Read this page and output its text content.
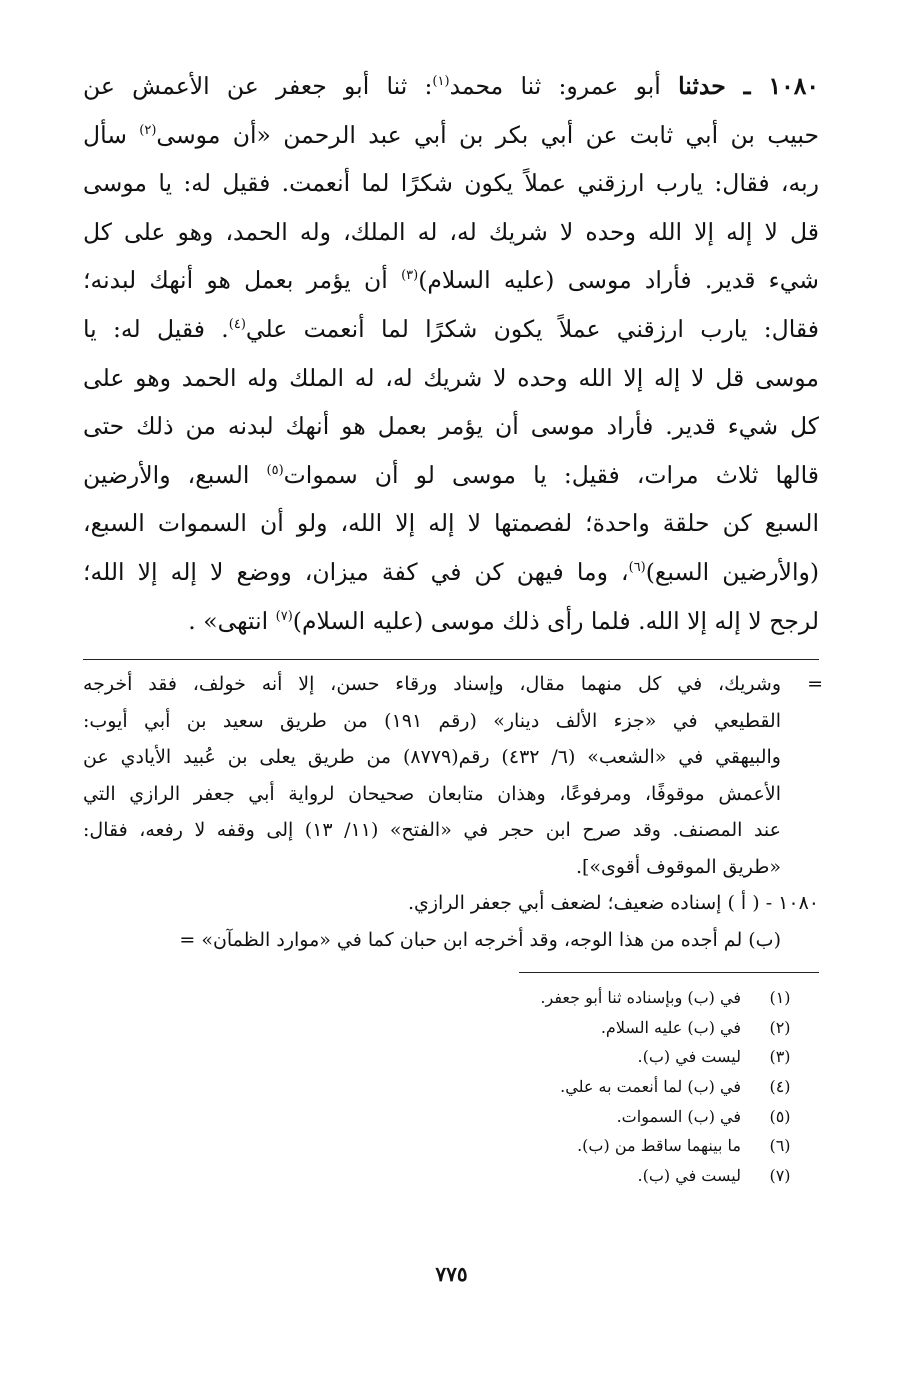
١٠٨٠ ـ حدثنا أبو عمرو: ثنا محمد$^{(١)}$: ثنا أبو جعفر عن الأعمش عن
حبيب بن أبي ثابت عن أبي بكر بن أبي عبد الرحمن «أن موسى$^{(٢)}$ سأل
ربه، فقال: يارب ارزقني عملاً يكون شكرًا لما أنعمت. فقيل له: يا موسى
قل لا إله إلا الله وحده لا شريك له، له الملك، وله الحمد، وهو على كل
شيء قدير. فأراد موسى (عليه السلام)$^{(٣)}$ أن يؤمر بعمل هو أنهك لبدنه؛
فقال: يارب ارزقني عملاً يكون شكرًا لما أنعمت علي$^{(٤)}$. فقيل له: يا
موسى قل لا إله إلا الله وحده لا شريك له، له الملك وله الحمد وهو على
كل شيء قدير. فأراد موسى أن يؤمر بعمل هو أنهك لبدنه من ذلك حتى
قالها ثلاث مرات، فقيل: يا موسى لو أن سموات$^{(٥)}$ السبع، والأرضين
السبع كن حلقة واحدة؛ لفصمتها لا إله إلا الله، ولو أن السموات السبع،
(والأرضين السبع)$^{(٦)}$، وما فيهن كن في كفة ميزان، ووضع لا إله إلا الله؛
لرجح لا إله إلا الله. فلما رأى ذلك موسى (عليه السلام)$^{(٧)}$ انتهى» .
=
وشريك، في كل منهما مقال، وإسناد ورقاء حسن، إلا أنه خولف، فقد أخرجه
القطيعي في «جزء الألف دينار» (رقم ١٩١) من طريق سعيد بن أبي أيوب:
والبيهقي في «الشعب» (٦/ ٤٣٢) رقم(٨٧٧٩) من طريق يعلى بن عُبيد الأيادي عن
الأعمش موقوفًا، ومرفوعًا، وهذان متابعان صحيحان لرواية أبي جعفر الرازي التي
عند المصنف. وقد صرح ابن حجر في «الفتح» (١١/ ١٣) إلى وقفه لا رفعه، فقال:
«طريق الموقوف أقوى»].
١٠٨٠ - ( أ ) إسناده ضعيف؛ لضعف أبي جعفر الرازي.
(ب) لم أجده من هذا الوجه، وقد أخرجه ابن حبان كما في «موارد الظمآن» =
(١)
في (ب) وبإسناده ثنا أبو جعفر.
(٢)
في (ب) عليه السلام.
(٣)
ليست في (ب).
(٤)
في (ب) لما أنعمت به علي.
(٥)
في (ب) السموات.
(٦)
ما بينهما ساقط من (ب).
(٧)
ليست في (ب).
٧٧٥
